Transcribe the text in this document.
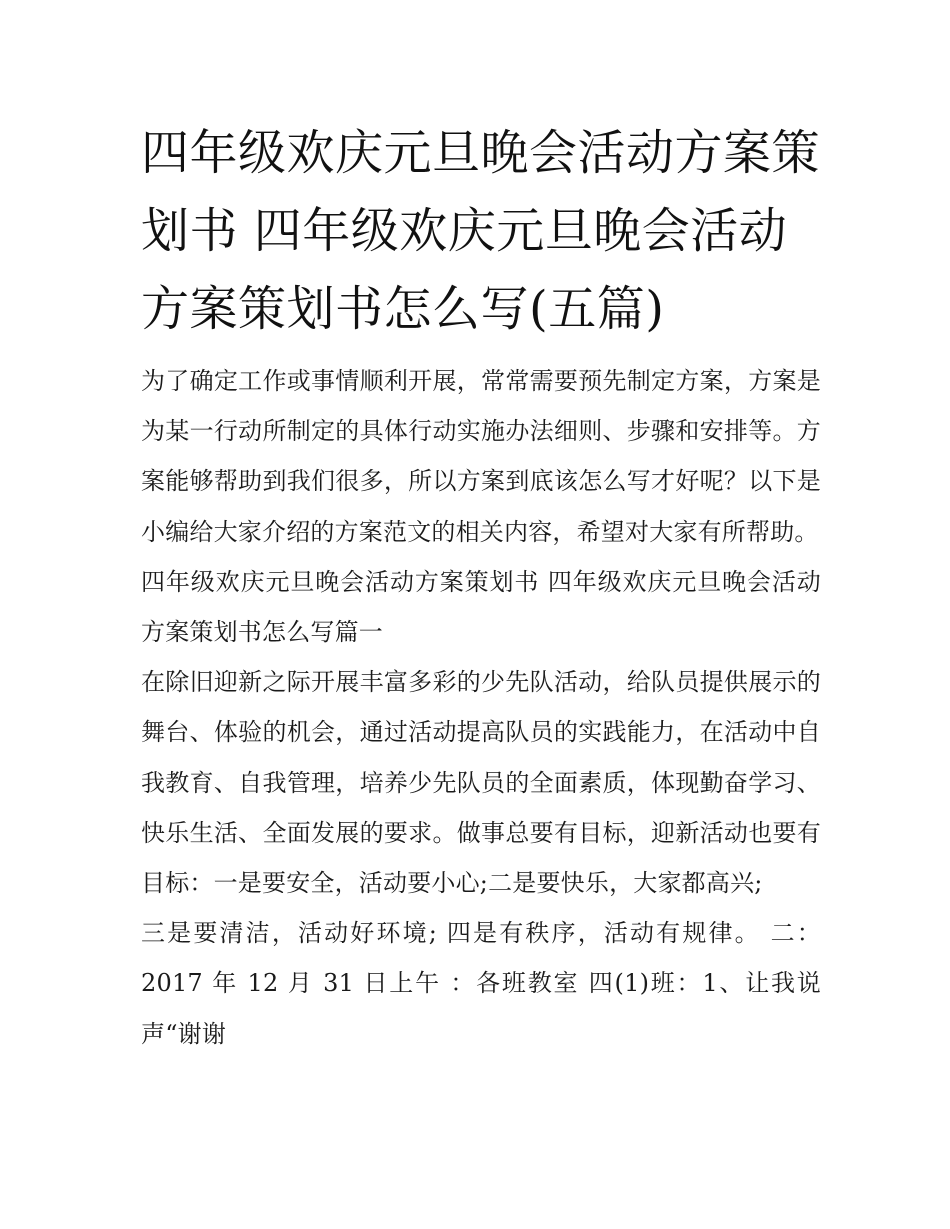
四年级欢庆元旦晚会活动方案策划书 四年级欢庆元旦晚会活动方案策划书怎么写(五篇)

为了确定工作或事情顺利开展，常常需要预先制定方案，方案是为某一行动所制定的具体行动实施办法细则、步骤和安排等。方案能够帮助到我们很多，所以方案到底该怎么写才好呢？以下是小编给大家介绍的方案范文的相关内容，希望对大家有所帮助。

四年级欢庆元旦晚会活动方案策划书 四年级欢庆元旦晚会活动方案策划书怎么写篇一

在除旧迎新之际开展丰富多彩的少先队活动，给队员提供展示的舞台、体验的机会，通过活动提高队员的实践能力，在活动中自我教育、自我管理，培养少先队员的全面素质，体现勤奋学习、快乐生活、全面发展的要求。做事总要有目标，迎新活动也要有目标：一是要安全，活动要小心;二是要快乐，大家都高兴;

三是要清洁，活动好环境; 四是有秩序，活动有规律。 二：2017 年 12 月 31 日上午 ：各班教室 四(1)班：1、让我说声“谢谢
